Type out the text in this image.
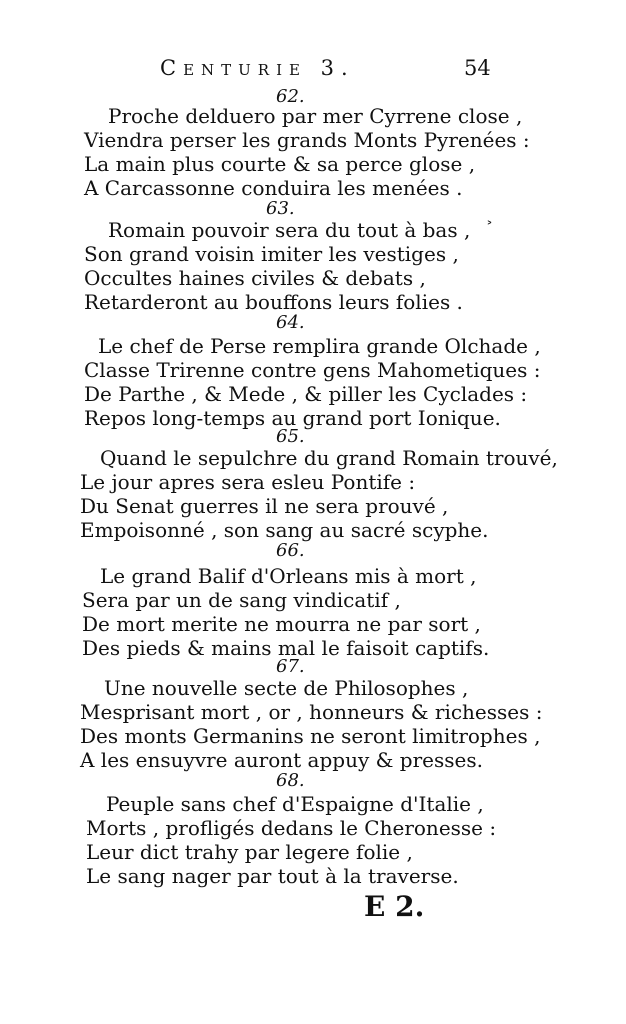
Centurie 3.	54
˃
62.
Proche delduero par mer Cyrrene close ,
Viendra perser les grands Monts Pyrenées :
La main plus courte & sa perce glose ,
A Carcassonne conduira les menées .
63.
Romain pouvoir sera du tout à bas ,
Son grand voisin imiter les vestiges ,
Occultes haines civiles & debats ,
Retarderont au bouffons leurs folies .
64.
Le chef de Perse remplira grande Olchade ,
Classe Trirenne contre gens Mahometiques :
De Parthe , & Mede , & piller les Cyclades :
Repos long-temps au grand port Ionique.
65.
Quand le sepulchre du grand Romain trouvé,
Le jour apres sera esleu Pontife :
Du Senat guerres il ne sera prouvé ,
Empoisonné , son sang au sacré scyphe.
66.
Le grand Balif d'Orleans mis à mort ,
Sera par un de sang vindicatif ,
De mort merite ne mourra ne par sort ,
Des pieds & mains mal le faisoit captifs.
67.
Une nouvelle secte de Philosophes ,
Mesprisant mort , or , honneurs & richesses :
Des monts Germanins ne seront limitrophes ,
A les ensuyvre auront appuy & presses.
68.
Peuple sans chef d'Espaigne d'Italie ,
Morts , profligés dedans le Cheronesse :
Leur dict trahy par legere folie ,
Le sang nager par tout à la traverse.
E 2.
